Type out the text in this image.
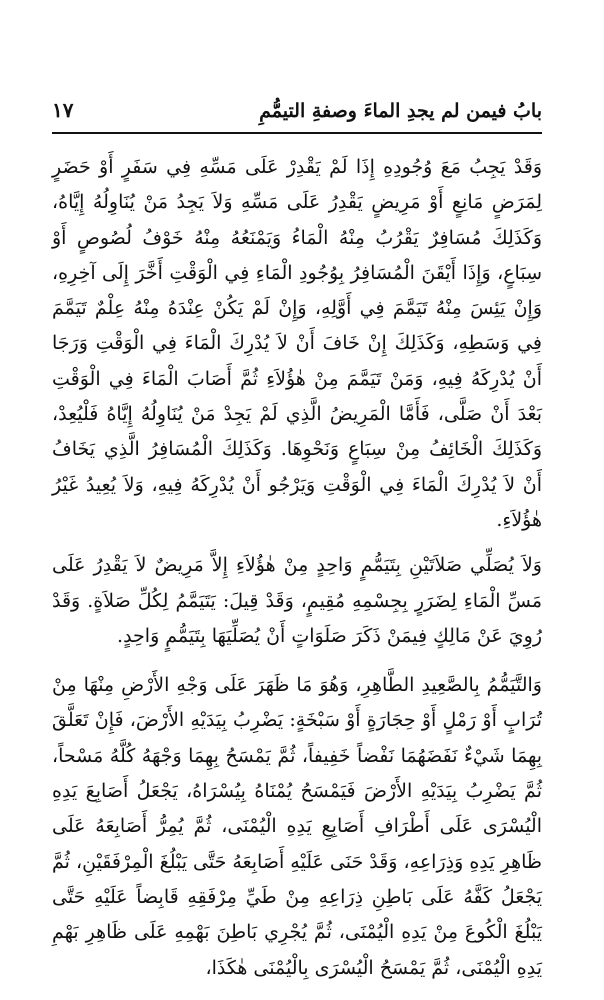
بابُ فيمن لم يجدِ الماءَ وصفةِ التيمُّمِ
١٧

وَقَدْ يَجِبُ مَعَ وُجُودِهِ إِذَا لَمْ يَقْدِرْ عَلَى مَسِّهِ فِي سَفَرٍ أَوْ حَضَرٍ لِمَرَضٍ مَانِعٍ أَوْ مَرِيضٍ يَقْدِرُ عَلَى مَسِّهِ وَلاَ يَجِدُ مَنْ يُنَاوِلُهُ إِيَّاهُ، وَكَذَلِكَ مُسَافِرٌ يَقْرُبُ مِنْهُ الْمَاءُ وَيَمْنَعُهُ مِنْهُ خَوْفُ لُصُوصٍ أَوْ سِبَاعٍ، وَإِذَا أَيْقَنَ الْمُسَافِرُ بِوُجُودِ الْمَاءِ فِي الْوَقْتِ أَخَّرَ إِلَى آخِرِهِ، وَإِنْ يَئِسَ مِنْهُ تَيَمَّمَ فِي أَوَّلِهِ، وَإِنْ لَمْ يَكُنْ عِنْدَهُ مِنْهُ عِلْمٌ تَيَمَّمَ فِي وَسَطِهِ، وَكَذَلِكَ إِنْ خَافَ أَنْ لاَ يُدْرِكَ الْمَاءَ فِي الْوَقْتِ وَرَجَا أَنْ يُدْرِكَهُ فِيهِ، وَمَنْ تَيَمَّمَ مِنْ هٰؤُلاَءِ ثُمَّ أَصَابَ الْمَاءَ فِي الْوَقْتِ بَعْدَ أَنْ صَلَّى، فَأَمَّا الْمَرِيضُ الَّذِي لَمْ يَجِدْ مَنْ يُنَاوِلُهُ إِيَّاهُ فَلْيُعِدْ، وَكَذَلِكَ الْخَائِفُ مِنْ سِبَاعٍ وَنَحْوِهَا. وَكَذَلِكَ الْمُسَافِرُ الَّذِي يَخَافُ أَنْ لاَ يُدْرِكَ الْمَاءَ فِي الْوَقْتِ وَيَرْجُو أَنْ يُدْرِكَهُ فِيهِ، وَلاَ يُعِيدُ غَيْرُ هٰؤُلاَءِ.

وَلاَ يُصَلِّي صَلاَتَيْنِ بِتَيَمُّمٍ وَاحِدٍ مِنْ هٰؤُلاَءِ إِلاَّ مَرِيضٌ لاَ يَقْدِرُ عَلَى مَسِّ الْمَاءِ لِضَرَرٍ بِجِسْمِهِ مُقِيمٍ، وَقَدْ قِيلَ: يَتَيَمَّمُ لِكُلِّ صَلاَةٍ. وَقَدْ رُوِيَ عَنْ مَالِكٍ فِيمَنْ ذَكَرَ صَلَوَاتٍ أَنْ يُصَلِّيَهَا بِتَيَمُّمٍ وَاحِدٍ.

وَالتَّيَمُّمُ بِالصَّعِيدِ الطَّاهِرِ، وَهُوَ مَا ظَهَرَ عَلَى وَجْهِ الأَرْضِ مِنْهَا مِنْ تُرَابٍ أَوْ رَمْلٍ أَوْ حِجَارَةٍ أَوْ سَبْخَةٍ: يَضْرِبُ بِيَدَيْهِ الأَرْضَ، فَإِنْ تَعَلَّقَ بِهِمَا شَيْءٌ نَفَضَهُمَا نَفْضاً خَفِيفاً، ثُمَّ يَمْسَحُ بِهِمَا وَجْهَهُ كُلَّهُ مَسْحاً، ثُمَّ يَضْرِبُ بِيَدَيْهِ الأَرْضَ فَيَمْسَحُ يُمْنَاهُ بِيُسْرَاهُ، يَجْعَلُ أَصَابِعَ يَدِهِ الْيُسْرَى عَلَى أَطْرَافِ أَصَابِعِ يَدِهِ الْيُمْنَى، ثُمَّ يُمِرُّ أَصَابِعَهُ عَلَى ظَاهِرِ يَدِهِ وَذِرَاعِهِ، وَقَدْ حَنَى عَلَيْهِ أَصَابِعَهُ حَتَّى يَبْلُغَ الْمِرْفَقَيْنِ، ثُمَّ يَجْعَلُ كَفَّهُ عَلَى بَاطِنِ ذِرَاعِهِ مِنْ طَيِّ مِرْفَقِهِ قَابِضاً عَلَيْهِ حَتَّى يَبْلُغَ الْكُوعَ مِنْ يَدِهِ الْيُمْنَى، ثُمَّ يُجْرِي بَاطِنَ بَهْمِهِ عَلَى ظَاهِرِ بَهْمِ يَدِهِ الْيُمْنَى، ثُمَّ يَمْسَحُ الْيُسْرَى بِالْيُمْنَى هٰكَذَا،
